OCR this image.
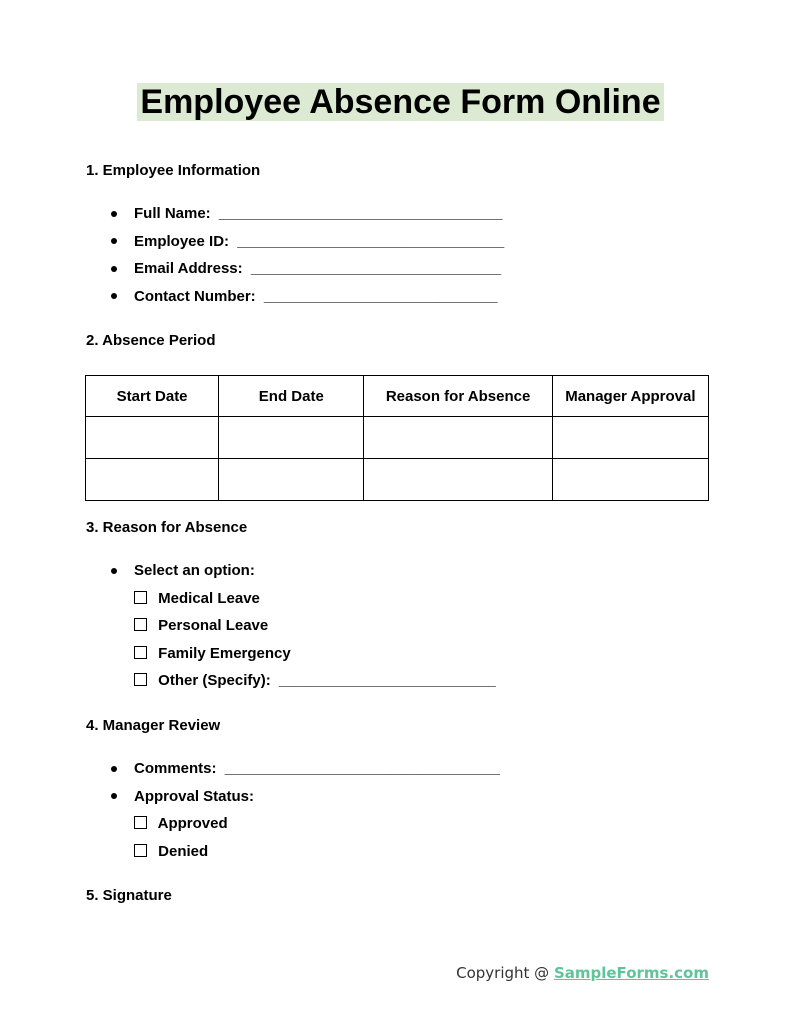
Employee Absence Form Online
1. Employee Information
Full Name: __________________________________
Employee ID: ________________________________
Email Address: ______________________________
Contact Number: ____________________________
2. Absence Period
Start Date	End Date	Reason for Absence	Manager Approval

3. Reason for Absence
Select an option:
Medical Leave
Personal Leave
Family Emergency
Other (Specify): __________________________
4. Manager Review
Comments: _________________________________
Approval Status:
Approved
Denied
5. Signature
Copyright @ SampleForms.com
